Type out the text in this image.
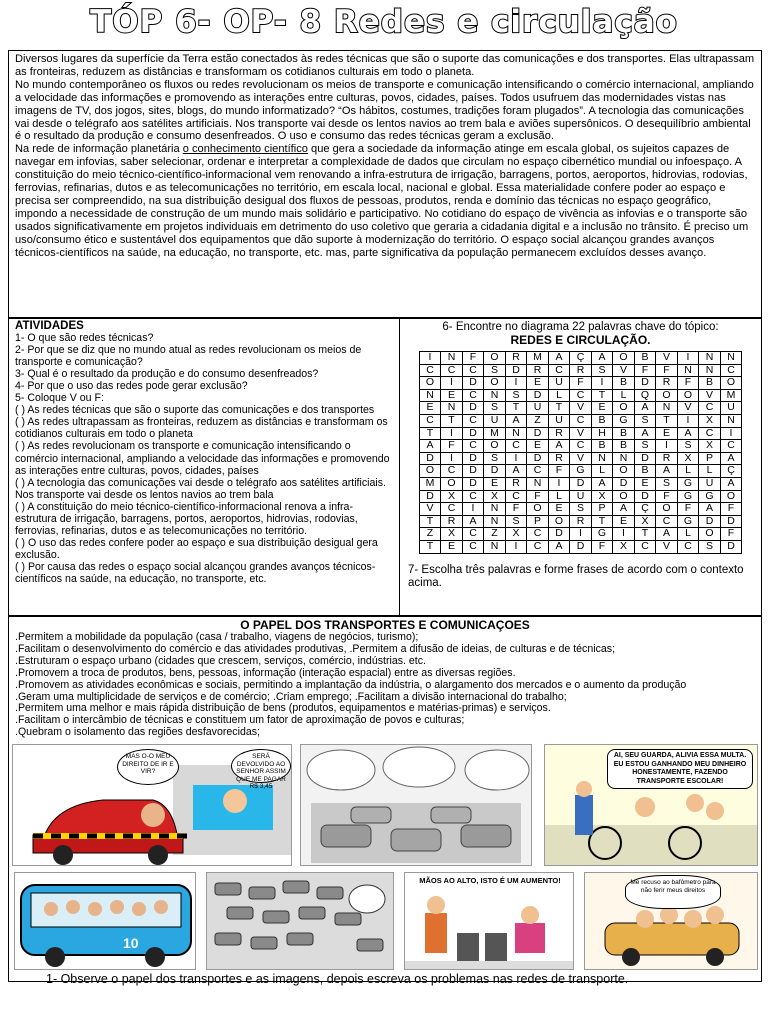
TÓP 6- OP- 8 Redes e circulação

Diversos lugares da superfície da Terra estão conectados às redes técnicas que são o suporte das comunicações e dos transportes. Elas ultrapassam as fronteiras, reduzem as distâncias e transformam os cotidianos culturais em todo o planeta.

No mundo contemporâneo os fluxos ou redes revolucionam os meios de transporte e comunicação intensificando o comércio internacional, ampliando a velocidade das informações e promovendo as interações entre culturas, povos, cidades, países. Todos usufruem das modernidades vistas nas imagens de TV, dos jogos, sites, blogs, do mundo informatizado? “Os hábitos, costumes, tradições foram plugados”. A tecnologia das comunicações vai desde o telégrafo aos satélites artificiais. Nos transporte vai desde os lentos navios ao trem bala e aviões supersônicos. O desequilíbrio ambiental é o resultado da produção e consumo desenfreados. O uso e consumo das redes técnicas geram a exclusão.

Na rede de informação planetária o conhecimento científico que gera a sociedade da informação atinge em escala global, os sujeitos capazes de navegar em infovias, saber selecionar, ordenar e interpretar a complexidade de dados que circulam no espaço cibernético mundial ou infoespaço. A constituição do meio técnico-científico-informacional vem renovando a infra-estrutura de irrigação, barragens, portos, aeroportos, hidrovias, rodovias, ferrovias, refinarias, dutos e as telecomunicações no território, em escala local, nacional e global. Essa materialidade confere poder ao espaço e precisa ser compreendido, na sua distribuição desigual dos fluxos de pessoas, produtos, renda e domínio das técnicas no espaço geográfico, impondo a necessidade de construção de um mundo mais solidário e participativo. No cotidiano do espaço de vivência as infovias e o transporte são usados significativamente em projetos individuais em detrimento do uso coletivo que geraria a cidadania digital e a inclusão no trânsito. É preciso um uso/consumo ético e sustentável dos equipamentos que dão suporte à modernização do território. O espaço social alcançou grandes avanços técnicos-científicos na saúde, na educação, no transporte, etc. mas, parte significativa da população permanecem excluídos desses avanço.

ATIVIDADES
1- O que são redes técnicas?
2- Por que se diz que no mundo atual as redes revolucionam os meios de transporte e comunicação?
3- Qual é o resultado da produção e do consumo desenfreados?
4- Por que o uso das redes pode gerar exclusão?
5- Coloque V ou F:
( ) As redes técnicas que são o suporte das comunicações e dos transportes
( ) As redes ultrapassam as fronteiras, reduzem as distâncias e transformam os cotidianos culturais em todo o planeta
( ) As redes revolucionam os transporte e comunicação intensificando o comércio internacional, ampliando a velocidade das informações e promovendo as interações entre culturas, povos, cidades, países
( ) A tecnologia das comunicações vai desde o telégrafo aos satélites artificiais. Nos transporte vai desde os lentos navios ao trem bala
( ) A constituição do meio técnico-científico-informacional renova a infra-estrutura de irrigação, barragens, portos, aeroportos, hidrovias, rodovias, ferrovias, refinarias, dutos e as telecomunicações no território.
( ) O uso das redes confere poder ao espaço e sua distribuição desigual gera exclusão.
( ) Por causa das redes o espaço social alcançou grandes avanços técnicos-científicos na saúde, na educação, no transporte, etc.
6- Encontre no diagrama 22 palavras chave do tópico:
REDES E CIRCULAÇÃO.
I	N	F	O	R	M	A	Ç	A	O	B	V	I	N	N
C	C	C	S	D	R	C	R	S	V	F	F	N	N	C
O	I	D	O	I	E	U	F	I	B	D	R	F	B	O
N	E	C	N	S	D	L	C	T	L	Q	O	O	V	M
E	N	D	S	T	U	T	V	E	O	A	N	V	C	U
C	T	C	U	A	Z	U	C	B	G	S	T	I	X	N
T	I	D	M	N	D	R	V	H	B	A	E	A	C	I
A	F	C	O	C	E	A	C	B	B	S	I	S	X	C
D	I	D	S	I	D	R	V	N	N	D	R	X	P	A
O	C	D	D	A	C	F	G	L	O	B	A	L	L	Ç
M	O	D	E	R	N	I	D	A	D	E	S	G	U	A
D	X	C	X	C	F	L	U	X	O	D	F	G	G	O
V	C	I	N	F	O	E	S	P	A	Ç	O	F	A	F
T	R	A	N	S	P	O	R	T	E	X	C	G	D	D
Z	X	C	Z	X	C	D	I	G	I	T	A	L	O	F
T	E	C	N	I	C	A	D	F	X	C	V	C	S	D
7- Escolha três palavras e forme frases de acordo com o contexto acima.
O PAPEL DOS TRANSPORTES E COMUNICAÇOES
.Permitem a mobilidade da população (casa / trabalho, viagens de negócios, turismo);
.Facilitam o desenvolvimento do comércio e das atividades produtivas, .Permitem a difusão de ideias, de culturas e de técnicas;
.Estruturam o espaço urbano (cidades que crescem, serviços, comércio, indústrias. etc.
.Promovem a troca de produtos, bens, pessoas, informação (interação espacial) entre as diversas regiões.
.Promovem as atividades econômicas e sociais, permitindo a implantação da indústria, o alargamento dos mercados e o aumento da produção
.Geram uma multiplicidade de serviços e de comércio; .Criam emprego; .Facilitam a divisão internacional do trabalho;
.Permitem uma melhor e mais rápida distribuição de bens (produtos, equipamentos e matérias-primas) e serviços.
.Facilitam o intercâmbio de técnicas e constituem um fator de aproximação de povos e culturas;
.Quebram o isolamento das regiões desfavorecidas;
MAS O-O MEU DIREITO DE IR E VIR?
SERÁ DEVOLVIDO AO SENHOR ASSIM QUE ME PAGAR R$ 3,45
AI, SEU GUARDA, ALIVIA ESSA MULTA. EU ESTOU GANHANDO MEU DINHEIRO HONESTAMENTE, FAZENDO TRANSPORTE ESCOLAR!
10
MÃOS AO ALTO, ISTO É UM AUMENTO!	Me recuso ao bafômetro para não ferir meus direitos
1- Observe o papel dos transportes e as imagens, depois escreva os problemas nas redes de transporte.
